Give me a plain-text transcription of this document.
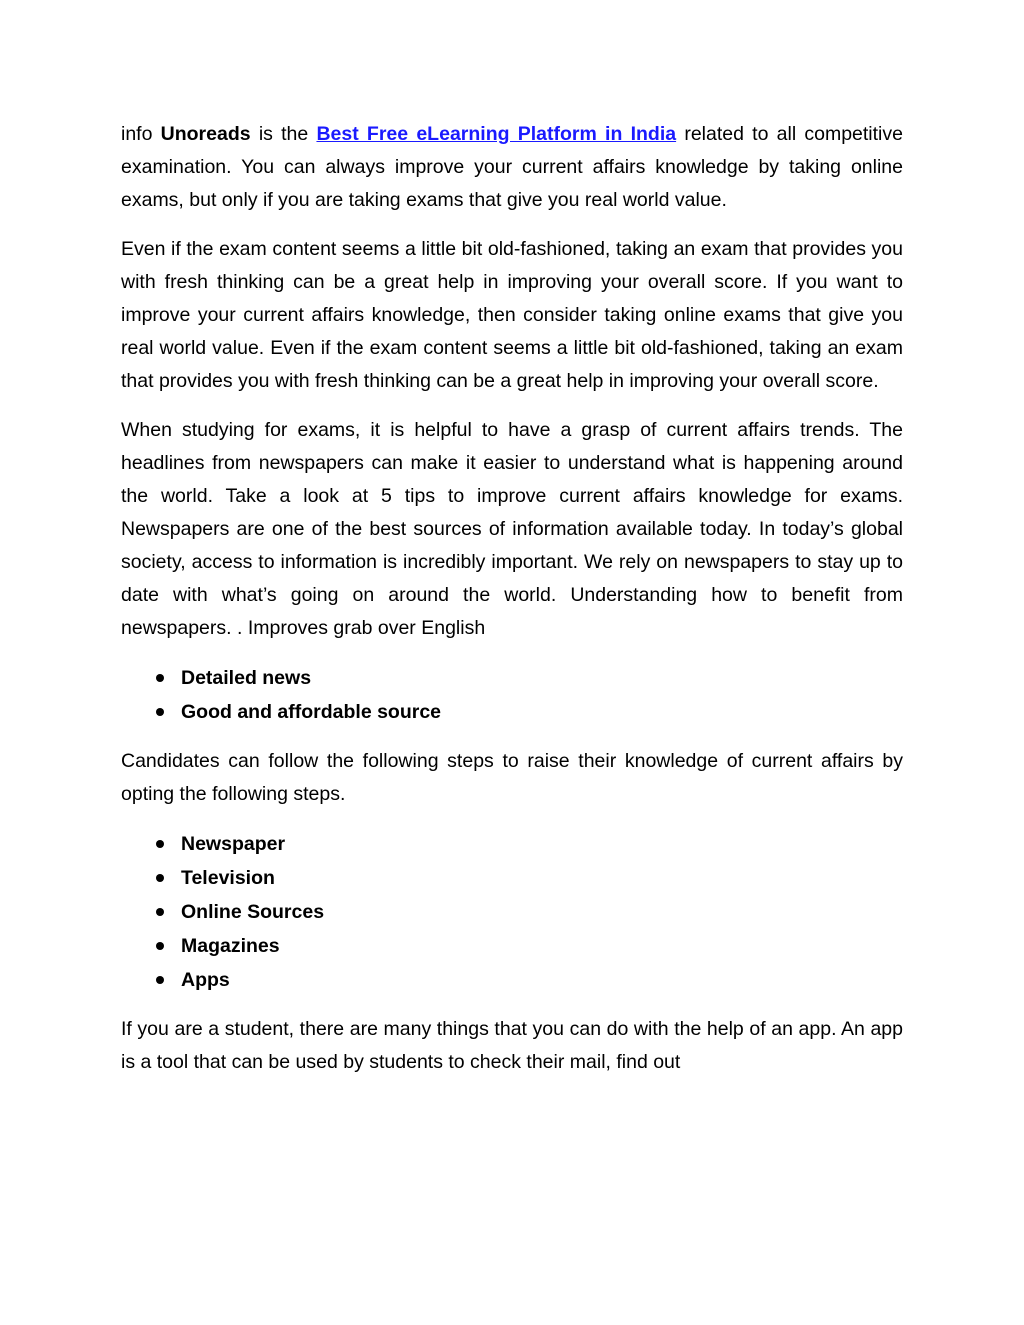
info Unoreads is the Best Free eLearning Platform in India related to all competitive examination. You can always improve your current affairs knowledge by taking online exams, but only if you are taking exams that give you real world value.

Even if the exam content seems a little bit old-fashioned, taking an exam that provides you with fresh thinking can be a great help in improving your overall score. If you want to improve your current affairs knowledge, then consider taking online exams that give you real world value. Even if the exam content seems a little bit old-fashioned, taking an exam that provides you with fresh thinking can be a great help in improving your overall score.

When studying for exams, it is helpful to have a grasp of current affairs trends. The headlines from newspapers can make it easier to understand what is happening around the world. Take a look at 5 tips to improve current affairs knowledge for exams. Newspapers are one of the best sources of information available today. In today’s global society, access to information is incredibly important. We rely on newspapers to stay up to date with what’s going on around the world. Understanding how to benefit from newspapers. . Improves grab over English

Detailed news
Good and affordable source

Candidates can follow the following steps to raise their knowledge of current affairs by opting the following steps.

Newspaper
Television
Online Sources
Magazines
Apps

If you are a student, there are many things that you can do with the help of an app. An app is a tool that can be used by students to check their mail, find out
